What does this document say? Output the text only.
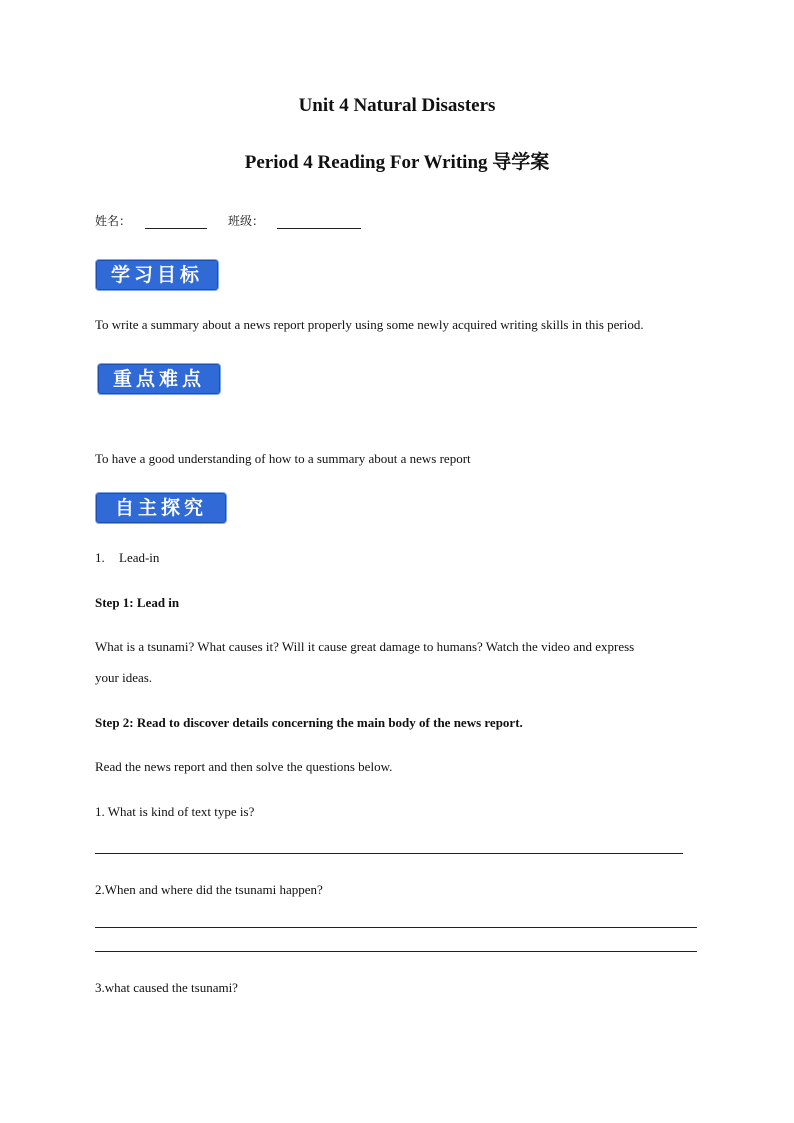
Unit 4 Natural Disasters
Period 4 Reading For Writing 导学案
姓名：	班级：
学习目标
To write a summary about a news report properly using some newly acquired writing skills in this period.
重点难点
To have a good understanding of how to a summary about a news report
自主探究
1. Lead-in
Step 1: Lead in
What is a tsunami? What causes it? Will it cause great damage to humans? Watch the video and express
your ideas.
Step 2: Read to discover details concerning the main body of the news report.
Read the news report and then solve the questions below.
1. What is kind of text type is?
2.When and where did the tsunami happen?
3.what caused the tsunami?
